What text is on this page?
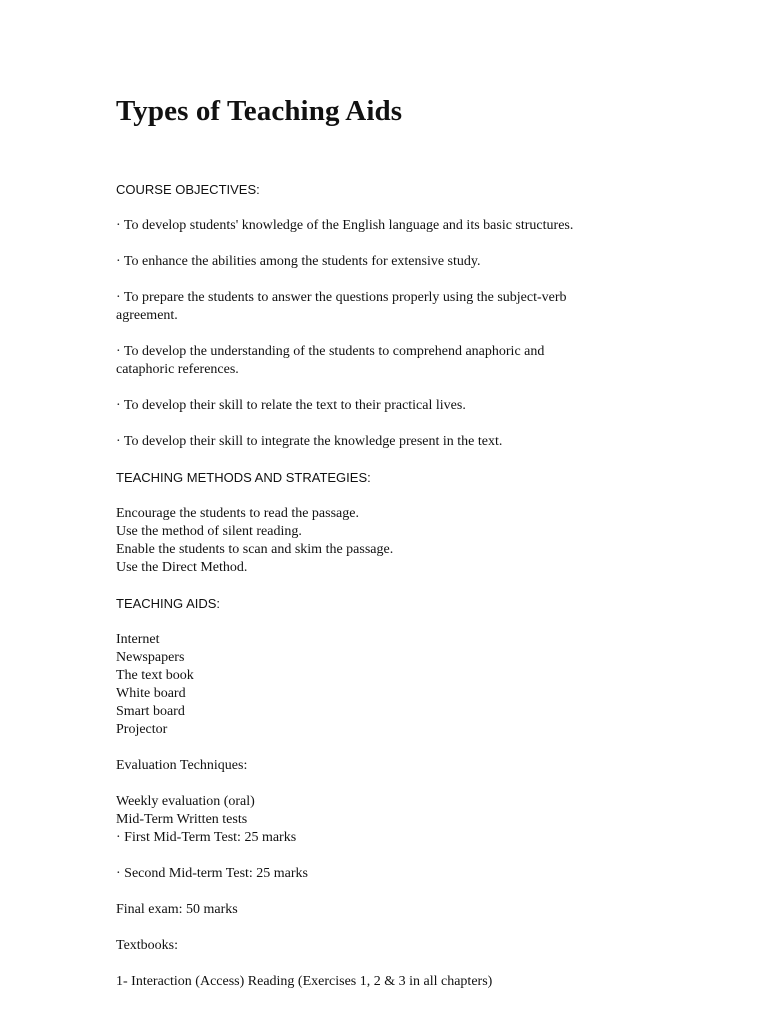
Types of Teaching Aids
COURSE OBJECTIVES:
· To develop students' knowledge of the English language and its basic structures.
· To enhance the abilities among the students for extensive study.
· To prepare the students to answer the questions properly using the subject-verb
agreement.
· To develop the understanding of the students to comprehend anaphoric and
cataphoric references.
· To develop their skill to relate the text to their practical lives.
· To develop their skill to integrate the knowledge present in the text.
TEACHING METHODS AND STRATEGIES:
Encourage the students to read the passage.
Use the method of silent reading.
Enable the students to scan and skim the passage.
Use the Direct Method.
TEACHING AIDS:
Internet
Newspapers
The text book
White board
Smart board
Projector
Evaluation Techniques:
Weekly evaluation (oral)
Mid-Term Written tests
· First Mid-Term Test: 25 marks
· Second Mid-term Test: 25 marks
Final exam: 50 marks
Textbooks:
1- Interaction (Access) Reading (Exercises 1, 2 & 3 in all chapters)
